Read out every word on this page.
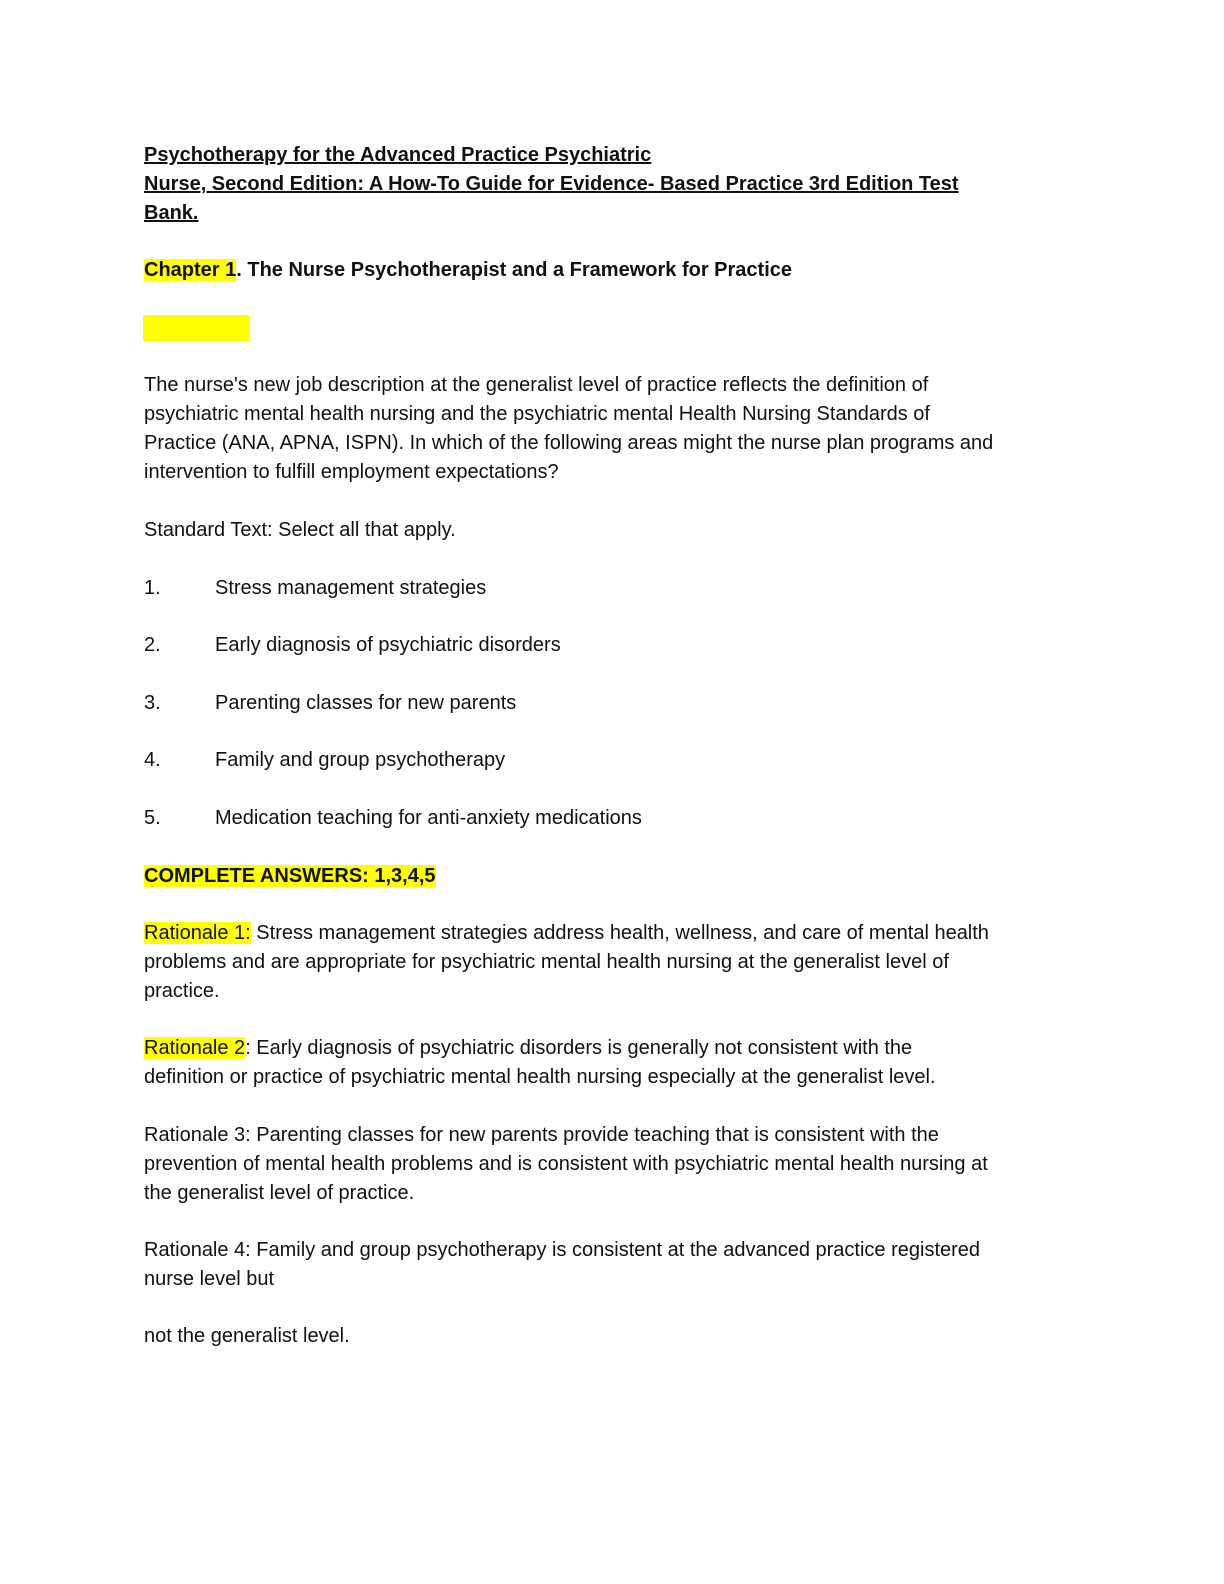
Psychotherapy for the Advanced Practice Psychiatric
Nurse, Second Edition: A How-To Guide for Evidence- Based Practice 3rd Edition Test
Bank.
Chapter 1. The Nurse Psychotherapist and a Framework for Practice
The nurse's new job description at the generalist level of practice reflects the definition of
psychiatric mental health nursing and the psychiatric mental Health Nursing Standards of
Practice (ANA, APNA, ISPN). In which of the following areas might the nurse plan programs and
intervention to fulfill employment expectations?
Standard Text: Select all that apply.
1.	Stress management strategies
2.	Early diagnosis of psychiatric disorders
3.	Parenting classes for new parents
4.	Family and group psychotherapy
5.	Medication teaching for anti-anxiety medications
COMPLETE ANSWERS: 1,3,4,5
Rationale 1: Stress management strategies address health, wellness, and care of mental health
problems and are appropriate for psychiatric mental health nursing at the generalist level of
practice.
Rationale 2: Early diagnosis of psychiatric disorders is generally not consistent with the
definition or practice of psychiatric mental health nursing especially at the generalist level.
Rationale 3: Parenting classes for new parents provide teaching that is consistent with the
prevention of mental health problems and is consistent with psychiatric mental health nursing at
the generalist level of practice.
Rationale 4: Family and group psychotherapy is consistent at the advanced practice registered
nurse level but
not the generalist level.
